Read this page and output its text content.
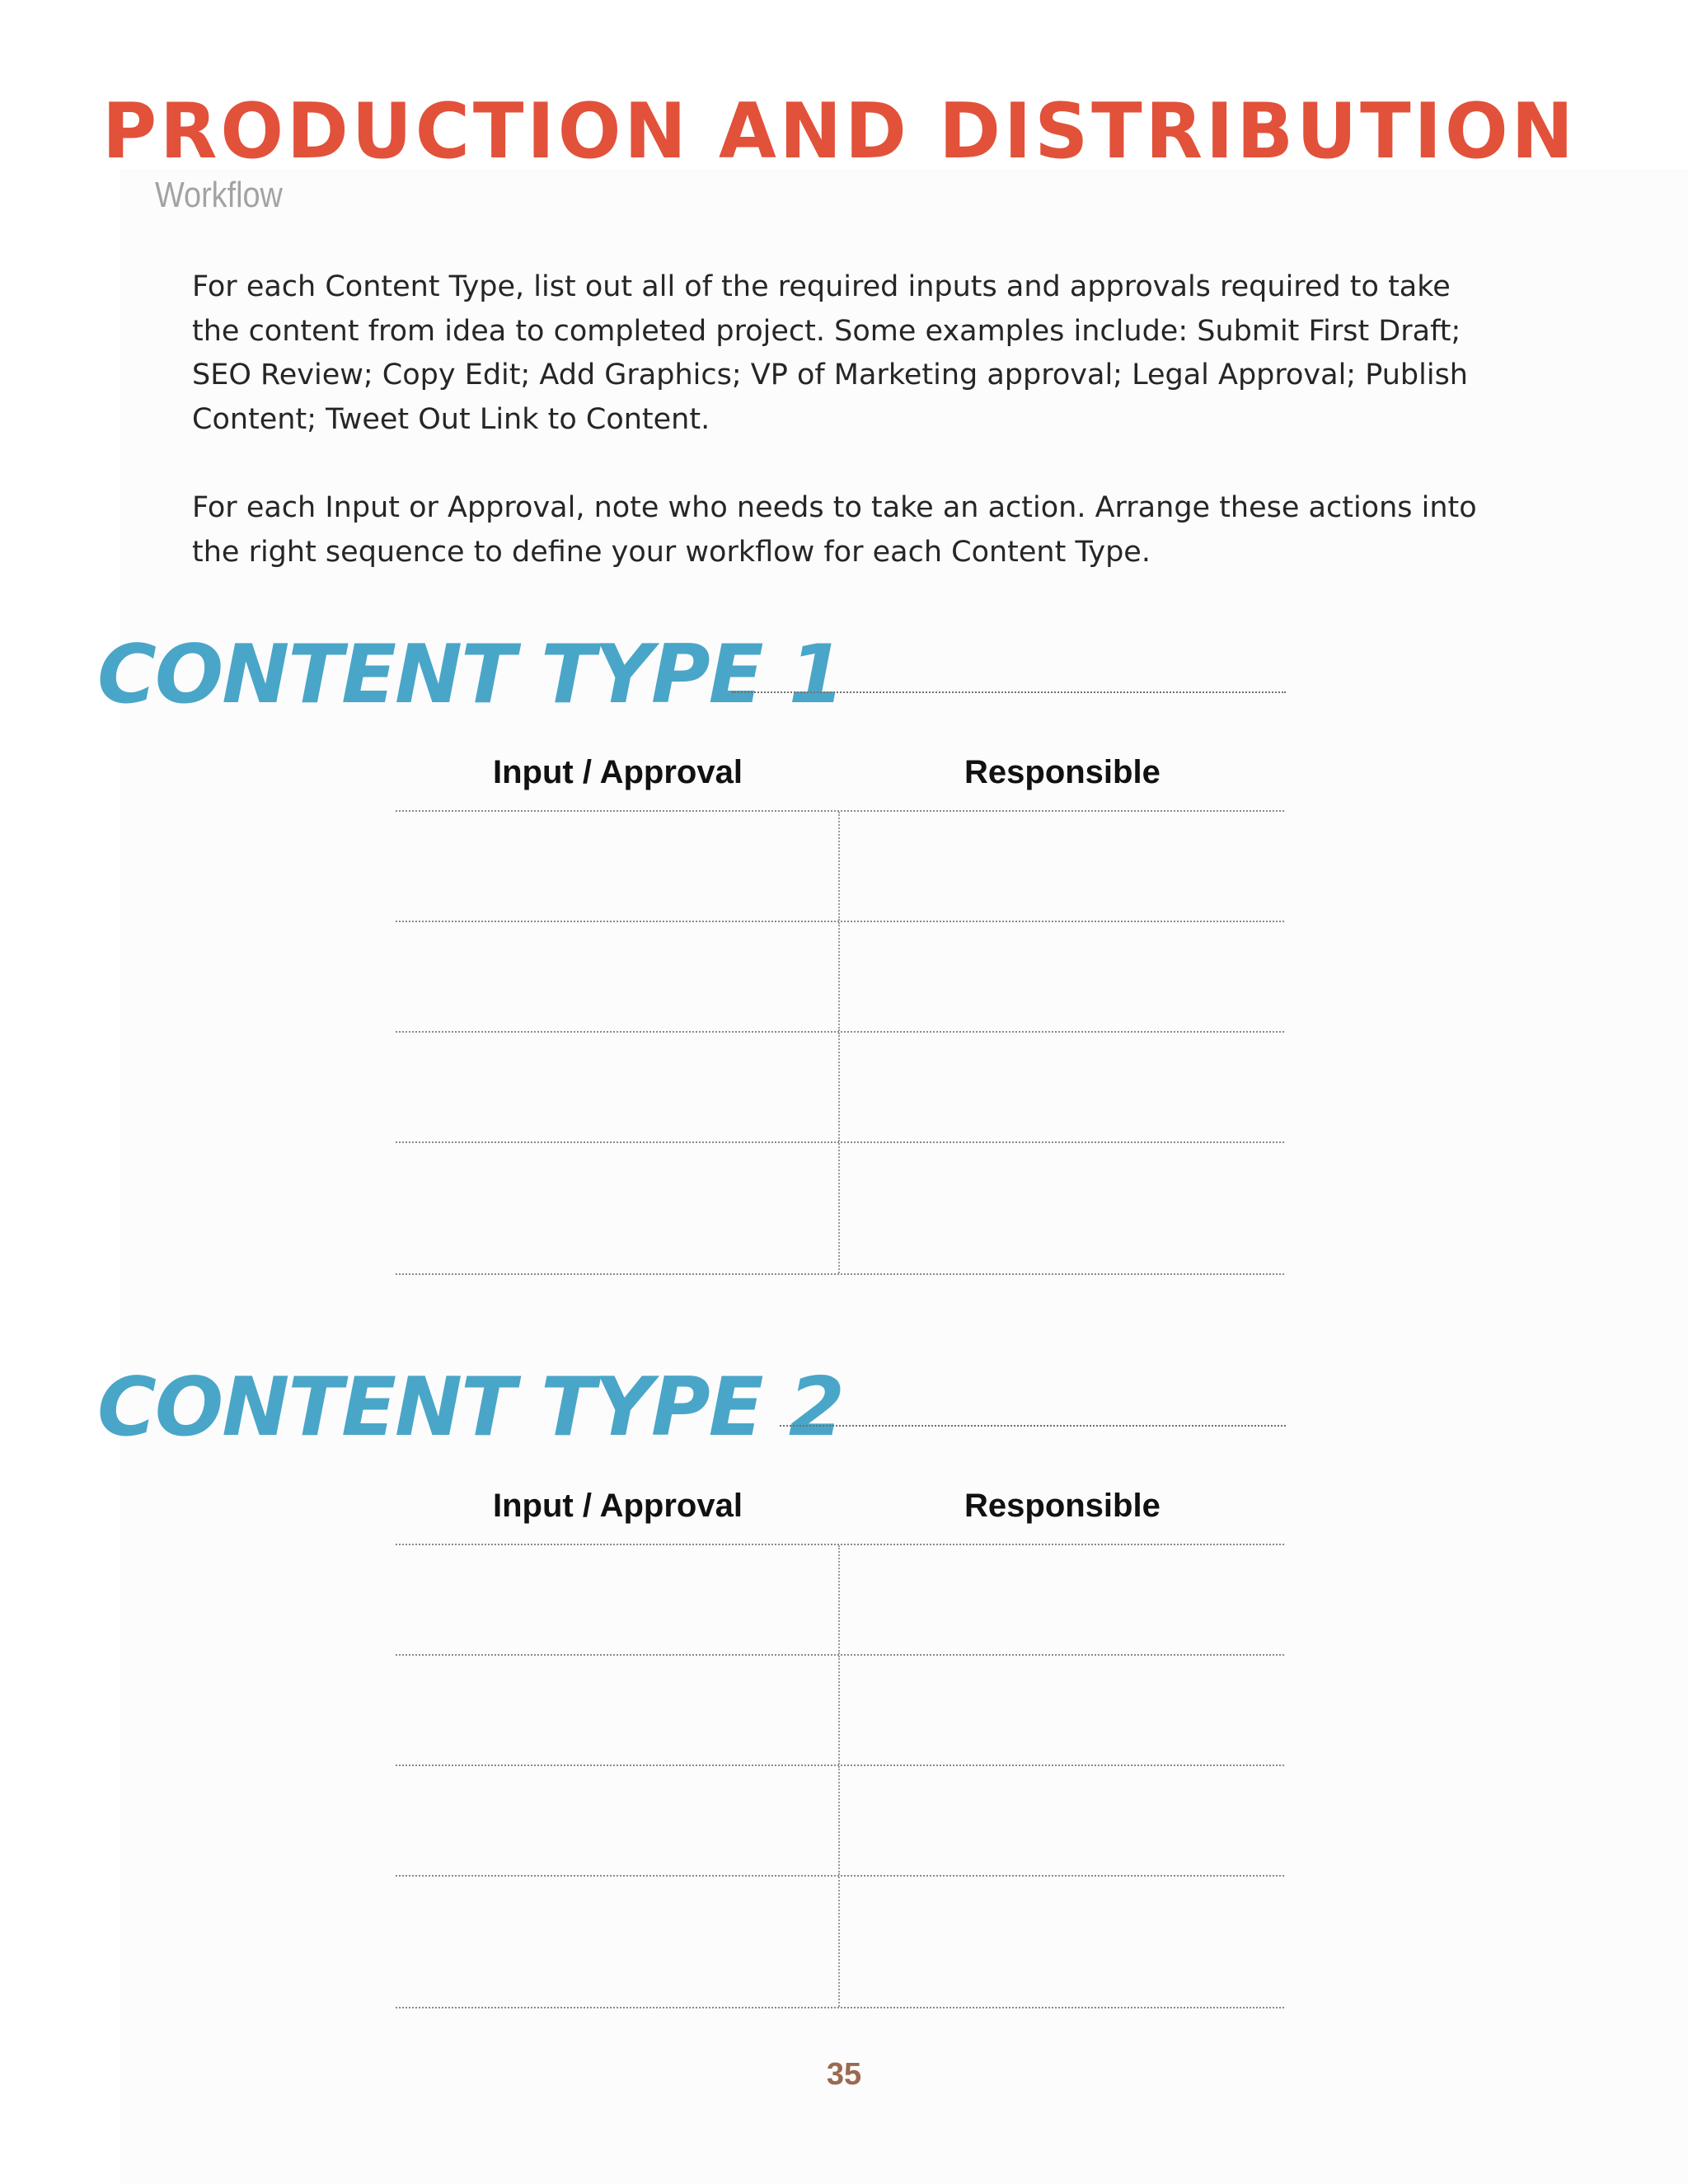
PRODUCTION AND DISTRIBUTION
Workflow

For each Content Type, list out all of the required inputs and approvals required to take the content from idea to completed project. Some examples include: Submit First Draft; SEO Review; Copy Edit; Add Graphics; VP of Marketing approval; Legal Approval; Publish Content; Tweet Out Link to Content.

For each Input or Approval, note who needs to take an action. Arrange these actions into the right sequence to define your workflow for each Content Type.

CONTENT TYPE 1
Input / Approval	Responsible
CONTENT TYPE 2
Input / Approval	Responsible
35
